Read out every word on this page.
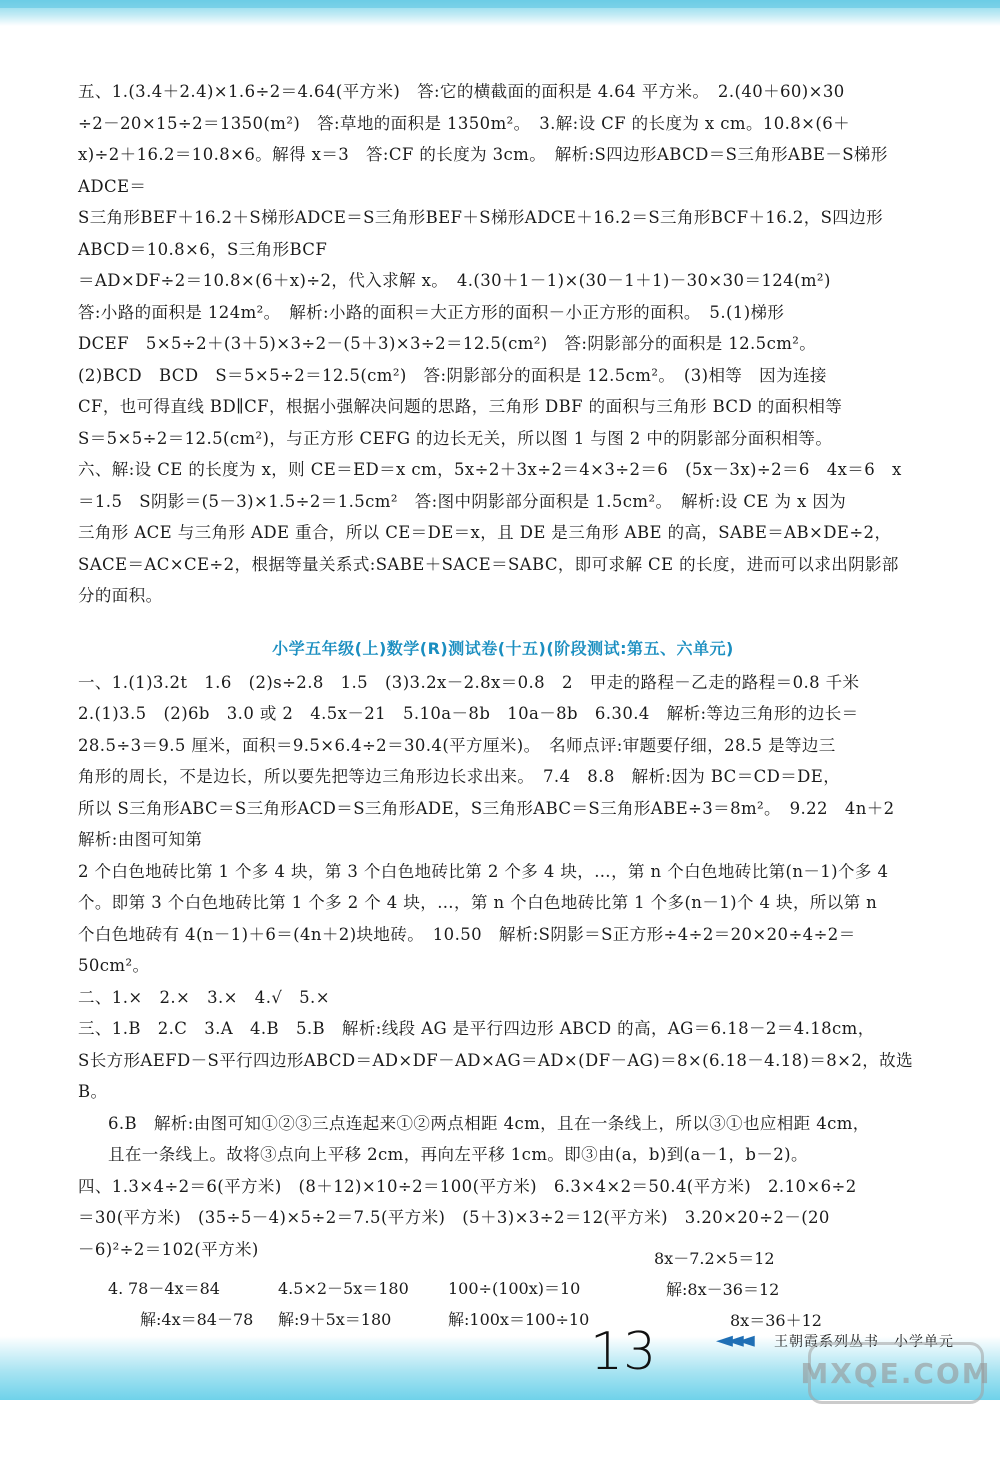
五、1.(3.4＋2.4)×1.6÷2＝4.64(平方米)　答:它的横截面的面积是 4.64 平方米。　2.(40＋60)×30

÷2－20×15÷2＝1350(m²)　答:草地的面积是 1350m²。　3.解:设 CF 的长度为 x cm。10.8×(6＋

x)÷2＋16.2＝10.8×6。解得 x＝3　答:CF 的长度为 3cm。　解析:S四边形ABCD＝S三角形ABE－S梯形ADCE＝

S三角形BEF＋16.2＋S梯形ADCE＝S三角形BEF＋S梯形ADCE＋16.2＝S三角形BCF＋16.2，S四边形ABCD＝10.8×6，S三角形BCF

＝AD×DF÷2＝10.8×(6＋x)÷2，代入求解 x。　4.(30＋1－1)×(30－1＋1)－30×30＝124(m²)

答:小路的面积是 124m²。　解析:小路的面积＝大正方形的面积－小正方形的面积。　5.(1)梯形

DCEF　5×5÷2＋(3＋5)×3÷2－(5＋3)×3÷2＝12.5(cm²)　答:阴影部分的面积是 12.5cm²。

(2)BCD　BCD　S＝5×5÷2＝12.5(cm²)　答:阴影部分的面积是 12.5cm²。　(3)相等　因为连接

CF，也可得直线 BD∥CF，根据小强解决问题的思路，三角形 DBF 的面积与三角形 BCD 的面积相等

S＝5×5÷2＝12.5(cm²)，与正方形 CEFG 的边长无关，所以图 1 与图 2 中的阴影部分面积相等。

六、解:设 CE 的长度为 x，则 CE＝ED＝x cm，5x÷2＋3x÷2＝4×3÷2＝6　(5x－3x)÷2＝6　4x＝6　x

＝1.5　S阴影＝(5－3)×1.5÷2＝1.5cm²　答:图中阴影部分面积是 1.5cm²。　解析:设 CE 为 x 因为

三角形 ACE 与三角形 ADE 重合，所以 CE＝DE＝x，且 DE 是三角形 ABE 的高，SABE＝AB×DE÷2，

SACE＝AC×CE÷2，根据等量关系式:SABE＋SACE＝SABC，即可求解 CE 的长度，进而可以求出阴影部

分的面积。

小学五年级(上)数学(R)测试卷(十五)(阶段测试:第五、六单元)

一、1.(1)3.2t　1.6　(2)s÷2.8　1.5　(3)3.2x－2.8x＝0.8　2　甲走的路程－乙走的路程＝0.8 千米

2.(1)3.5　(2)6b　3.0 或 2　4.5x－21　5.10a－8b　10a－8b　6.30.4　解析:等边三角形的边长＝

28.5÷3＝9.5 厘米，面积＝9.5×6.4÷2＝30.4(平方厘米)。　名师点评:审题要仔细，28.5 是等边三

角形的周长，不是边长，所以要先把等边三角形边长求出来。　7.4　8.8　解析:因为 BC＝CD＝DE，

所以 S三角形ABC＝S三角形ACD＝S三角形ADE，S三角形ABC＝S三角形ABE÷3＝8m²。　9.22　4n＋2　解析:由图可知第

2 个白色地砖比第 1 个多 4 块，第 3 个白色地砖比第 2 个多 4 块，…，第 n 个白色地砖比第(n－1)个多 4

个。即第 3 个白色地砖比第 1 个多 2 个 4 块，…，第 n 个白色地砖比第 1 个多(n－1)个 4 块，所以第 n

个白色地砖有 4(n－1)＋6＝(4n＋2)块地砖。　10.50　解析:S阴影＝S正方形÷4÷2＝20×20÷4÷2＝

50cm²。

二、1.×　2.×　3.×　4.√　5.×

三、1.B　2.C　3.A　4.B　5.B　解析:线段 AG 是平行四边形 ABCD 的高，AG＝6.18－2＝4.18cm，

S长方形AEFD－S平行四边形ABCD＝AD×DF－AD×AG＝AD×(DF－AG)＝8×(6.18－4.18)＝8×2，故选 B。

6.B　解析:由图可知①②③三点连起来①②两点相距 4cm，且在一条线上，所以③①也应相距 4cm，

且在一条线上。故将③点向上平移 2cm，再向左平移 1cm。即③由(a，b)到(a－1，b－2)。

四、1.3×4÷2＝6(平方米)　(8＋12)×10÷2＝100(平方米)　6.3×4×2＝50.4(平方米)　2.10×6÷2

＝30(平方米)　(35÷5－4)×5÷2＝7.5(平方米)　(5＋3)×3÷2＝12(平方米)　3.20×20÷2－(20

－6)²÷2＝102(平方米)

4. 78－4x＝84
解:4x＝84－78
4.5×2－5x＝180
解:9＋5x＝180
100÷(100x)＝10
解:100x＝100÷10
8x－7.2×5＝12
解:8x－36＝12
8x＝36＋12
13	◄◄◄ 王朝霞系列丛书　小学单元
MXQE.COM
